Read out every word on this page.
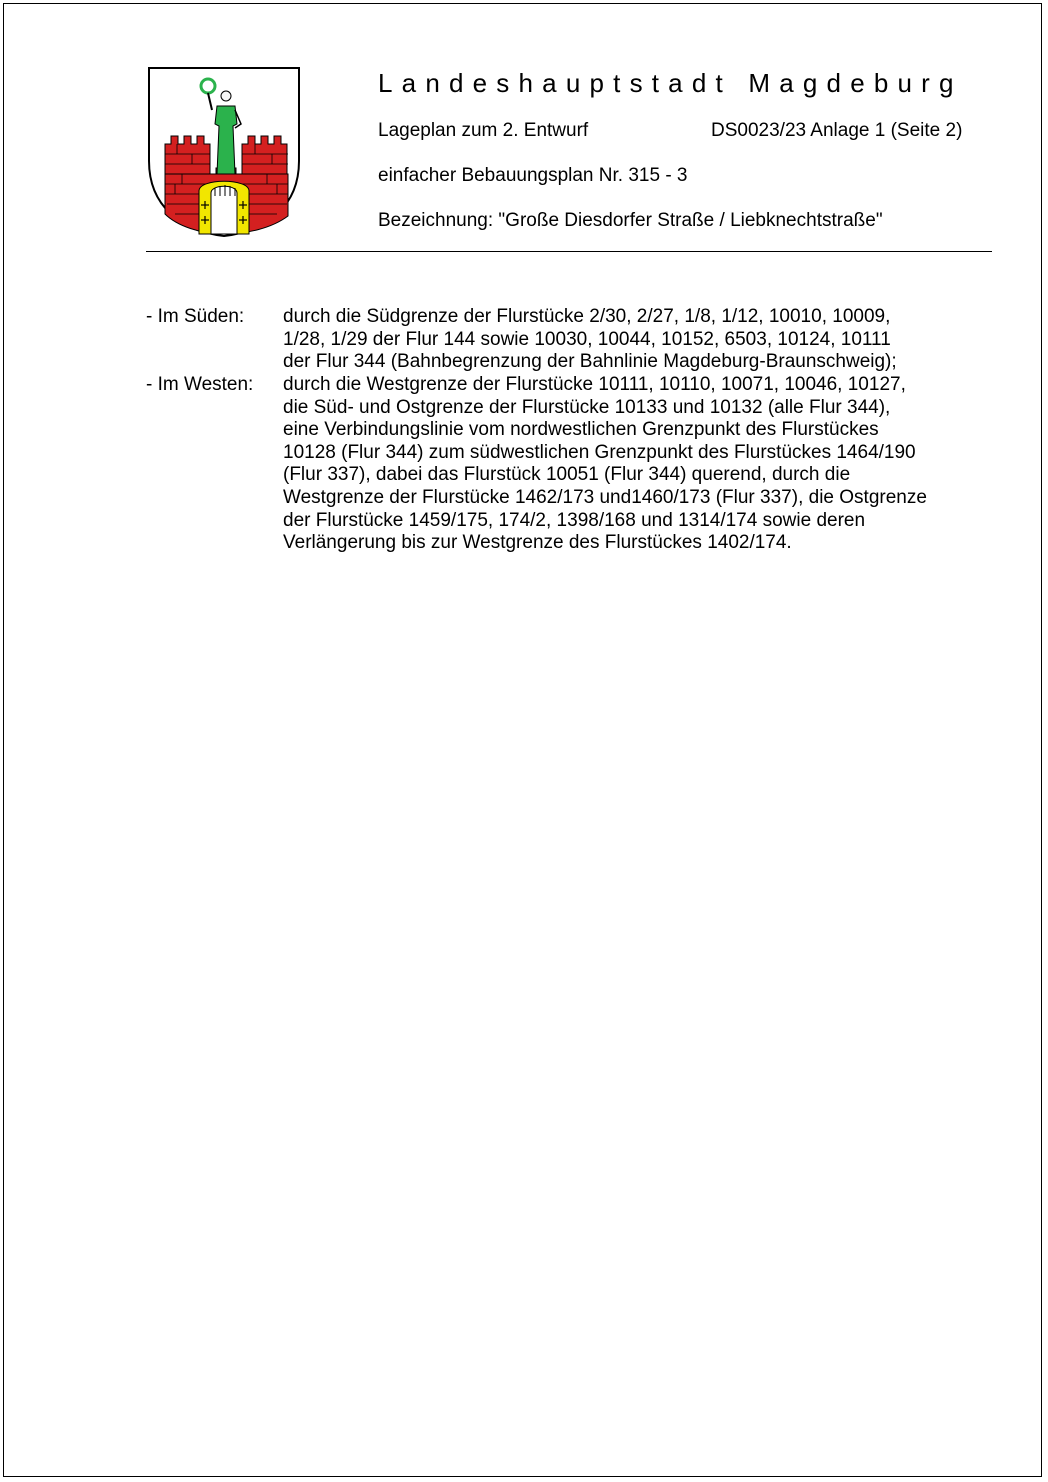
Landeshauptstadt Magdeburg
Lageplan zum 2. Entwurf	DS0023/23 Anlage 1 (Seite 2)
einfacher Bebauungsplan Nr. 315 - 3
Bezeichnung: "Große Diesdorfer Straße / Liebknechtstraße"
- Im Süden: durch die Südgrenze der Flurstücke 2/30, 2/27, 1/8, 1/12, 10010, 10009,
1/28, 1/29 der Flur 144 sowie 10030, 10044, 10152, 6503, 10124, 10111
der Flur 344 (Bahnbegrenzung der Bahnlinie Magdeburg-Braunschweig);
- Im Westen: durch die Westgrenze der Flurstücke 10111, 10110, 10071, 10046, 10127,
die Süd- und Ostgrenze der Flurstücke 10133 und 10132 (alle Flur 344),
eine Verbindungslinie vom nordwestlichen Grenzpunkt des Flurstückes
10128 (Flur 344) zum südwestlichen Grenzpunkt des Flurstückes 1464/190
(Flur 337), dabei das Flurstück 10051 (Flur 344) querend, durch die
Westgrenze der Flurstücke 1462/173 und1460/173 (Flur 337), die Ostgrenze
der Flurstücke 1459/175, 174/2, 1398/168 und 1314/174 sowie deren
Verlängerung bis zur Westgrenze des Flurstückes 1402/174.
